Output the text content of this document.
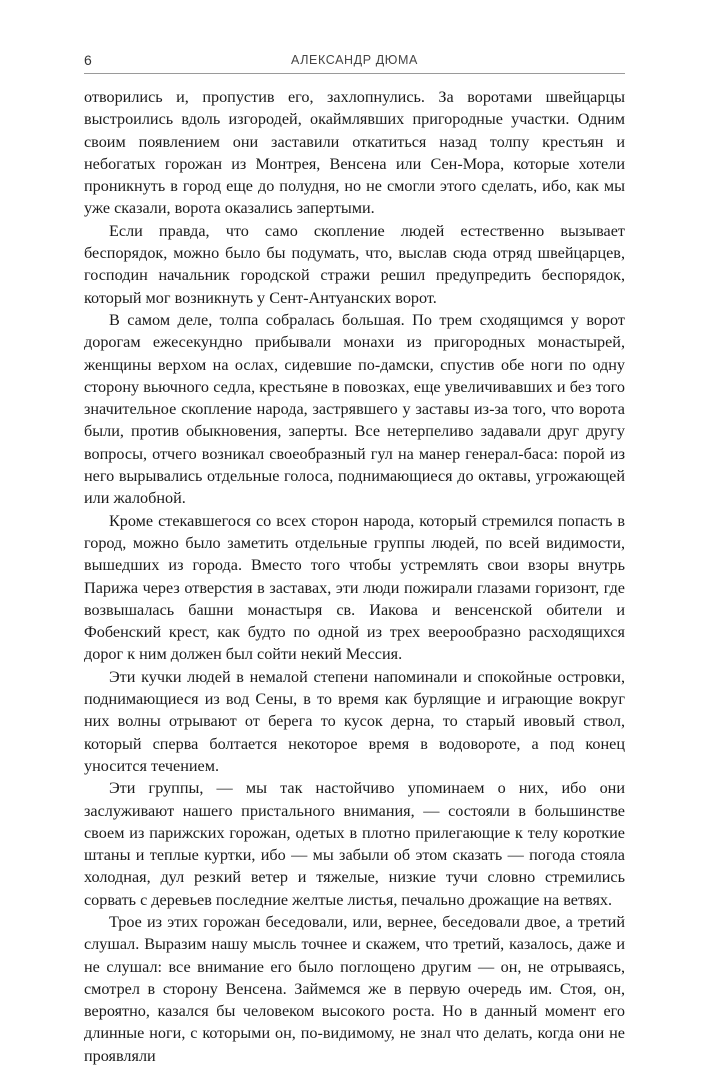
6	АЛЕКСАНДР ДЮМА

отворились и, пропустив его, захлопнулись. За воротами швейцарцы выстроились вдоль изгородей, окаймлявших пригородные участки. Одним своим появлением они заставили откатиться назад толпу крестьян и небогатых горожан из Монтрея, Венсена или Сен-Мора, которые хотели проникнуть в город еще до полудня, но не смогли этого сделать, ибо, как мы уже сказали, ворота оказались запертыми.

Если правда, что само скопление людей естественно вызывает беспорядок, можно было бы подумать, что, выслав сюда отряд швейцарцев, господин начальник городской стражи решил предупредить беспорядок, который мог возникнуть у Сент-Антуанских ворот.

В самом деле, толпа собралась большая. По трем сходящимся у ворот дорогам ежесекундно прибывали монахи из пригородных монастырей, женщины верхом на ослах, сидевшие по-дамски, спустив обе ноги по одну сторону вьючного седла, крестьяне в повозках, еще увеличивавших и без того значительное скопление народа, застрявшего у заставы из-за того, что ворота были, против обыкновения, заперты. Все нетерпеливо задавали друг другу вопросы, отчего возникал своеобразный гул на манер генерал-баса: порой из него вырывались отдельные голоса, поднимающиеся до октавы, угрожающей или жалобной.

Кроме стекавшегося со всех сторон народа, который стремился попасть в город, можно было заметить отдельные группы людей, по всей видимости, вышедших из города. Вместо того чтобы устремлять свои взоры внутрь Парижа через отверстия в заставах, эти люди пожирали глазами горизонт, где возвышалась башни монастыря св. Иакова и венсенской обители и Фобенский крест, как будто по одной из трех веерообразно расходящихся дорог к ним должен был сойти некий Мессия.

Эти кучки людей в немалой степени напоминали и спокойные островки, поднимающиеся из вод Сены, в то время как бурлящие и играющие вокруг них волны отрывают от берега то кусок дерна, то старый ивовый ствол, который сперва болтается некоторое время в водовороте, а под конец уносится течением.

Эти группы, — мы так настойчиво упоминаем о них, ибо они заслуживают нашего пристального внимания, — состояли в большинстве своем из парижских горожан, одетых в плотно прилегающие к телу короткие штаны и теплые куртки, ибо — мы забыли об этом сказать — погода стояла холодная, дул резкий ветер и тяжелые, низкие тучи словно стремились сорвать с деревьев последние желтые листья, печально дрожащие на ветвях.

Трое из этих горожан беседовали, или, вернее, беседовали двое, а третий слушал. Выразим нашу мысль точнее и скажем, что третий, казалось, даже и не слушал: все внимание его было поглощено другим — он, не отрываясь, смотрел в сторону Венсена. Займемся же в первую очередь им. Стоя, он, вероятно, казался бы человеком высокого роста. Но в данный момент его длинные ноги, с которыми он, по-видимому, не знал что делать, когда они не проявляли
